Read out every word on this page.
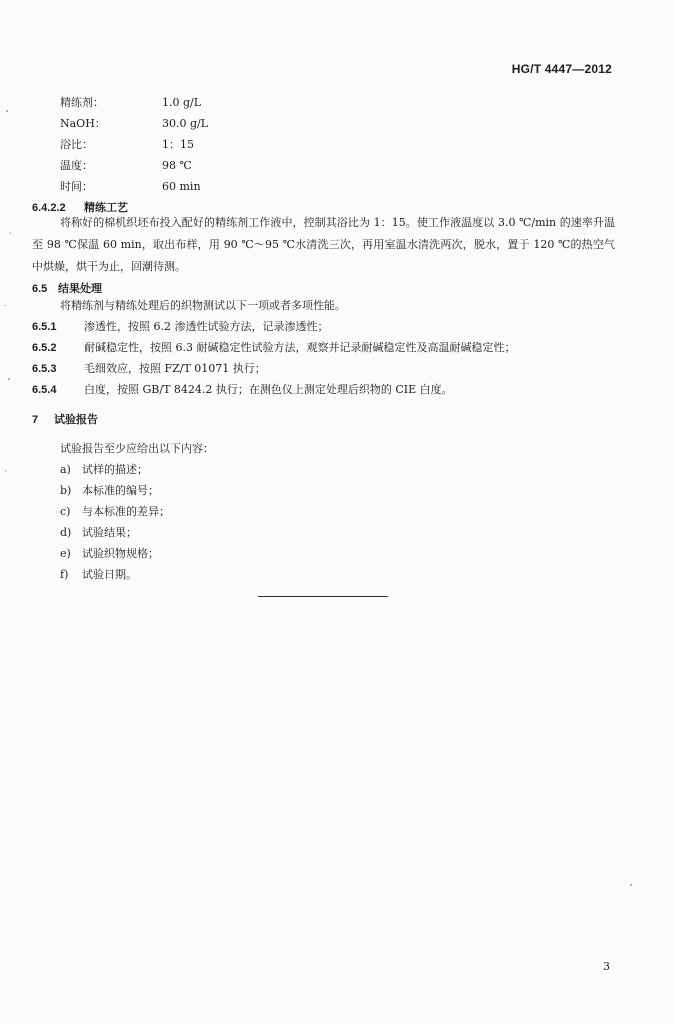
HG/T 4447—2012
精练剂：	1.0 g/L
NaOH：	30.0 g/L
浴比：	1：15
温度：	98 ℃
时间：	60 min
6.4.2.2 精练工艺

将称好的棉机织坯布投入配好的精练剂工作液中，控制其浴比为 1：15。使工作液温度以 3.0 ℃/min 的速率升温至 98 ℃保温 60 min，取出布样，用 90 ℃～95 ℃水清洗三次，再用室温水清洗两次，脱水，置于 120 ℃的热空气中烘燥，烘干为止，回潮待测。

6.5 结果处理
将精练剂与精练处理后的织物测试以下一项或者多项性能。
6.5.1	渗透性，按照 6.2 渗透性试验方法，记录渗透性；
6.5.2	耐碱稳定性，按照 6.3 耐碱稳定性试验方法，观察并记录耐碱稳定性及高温耐碱稳定性；
6.5.3	毛细效应，按照 FZ/T 01071 执行；
6.5.4	白度，按照 GB/T 8424.2 执行；在测色仪上测定处理后织物的 CIE 白度。
7 试验报告
试验报告至少应给出以下内容：
a) 试样的描述；
b) 本标准的编号；
c) 与本标准的差异；
d) 试验结果；
e) 试验织物规格；
f) 试验日期。
3
